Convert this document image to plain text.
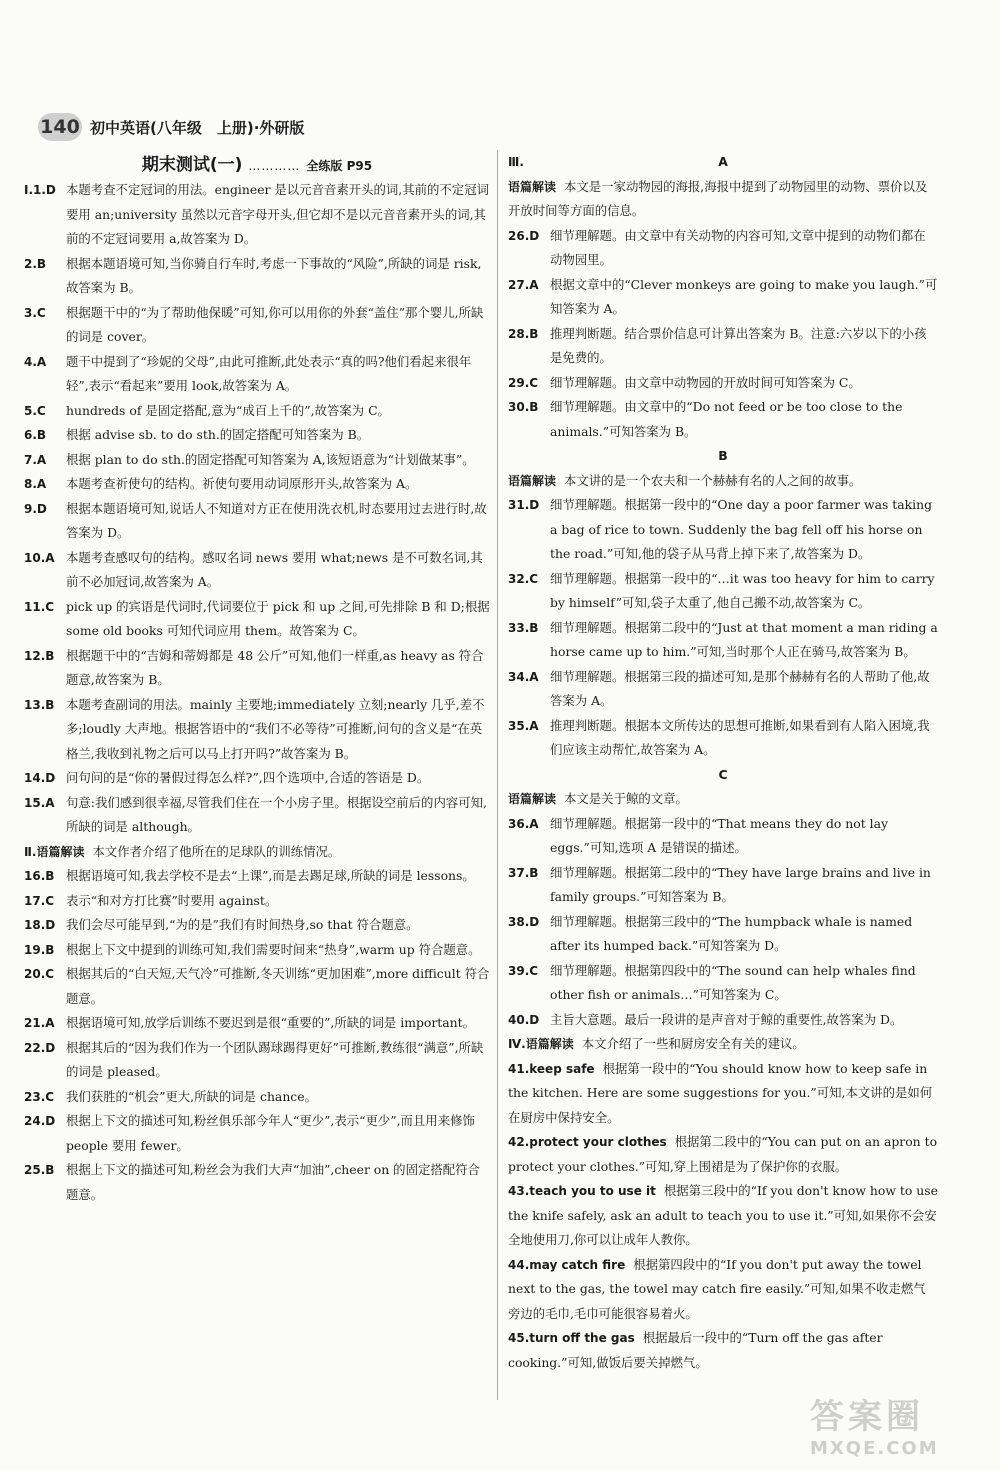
140 初中英语(八年级　上册)·外研版
期末测试(一) ………… 全练版 P95
Ⅰ.1.D 本题考查不定冠词的用法。engineer 是以元音音素开头的词,其前的不定冠词要用 an;university 虽然以元音字母开头,但它却不是以元音音素开头的词,其前的不定冠词要用 a,故答案为 D。
2.B 根据本题语境可知,当你骑自行车时,考虑一下事故的“风险”,所缺的词是 risk,故答案为 B。
3.C 根据题干中的“为了帮助他保暖”可知,你可以用你的外套“盖住”那个婴儿,所缺的词是 cover。
4.A 题干中提到了“珍妮的父母”,由此可推断,此处表示“真的吗?他们看起来很年轻”,表示“看起来”要用 look,故答案为 A。
5.C hundreds of 是固定搭配,意为“成百上千的”,故答案为 C。
6.B 根据 advise sb. to do sth.的固定搭配可知答案为 B。
7.A 根据 plan to do sth.的固定搭配可知答案为 A,该短语意为“计划做某事”。
8.A 本题考查祈使句的结构。祈使句要用动词原形开头,故答案为 A。
9.D 根据本题语境可知,说话人不知道对方正在使用洗衣机,时态要用过去进行时,故答案为 D。
10.A 本题考查感叹句的结构。感叹名词 news 要用 what;news 是不可数名词,其前不必加冠词,故答案为 A。
11.C pick up 的宾语是代词时,代词要位于 pick 和 up 之间,可先排除 B 和 D;根据 some old books 可知代词应用 them。故答案为 C。
12.B 根据题干中的“吉姆和蒂姆都是 48 公斤”可知,他们一样重,as heavy as 符合题意,故答案为 B。
13.B 本题考查副词的用法。mainly 主要地;immediately 立刻;nearly 几乎,差不多;loudly 大声地。根据答语中的“我们不必等待”可推断,问句的含义是“在英格兰,我收到礼物之后可以马上打开吗?”故答案为 B。
14.D 问句问的是“你的暑假过得怎么样?”,四个选项中,合适的答语是 D。
15.A 句意:我们感到很幸福,尽管我们住在一个小房子里。根据设空前后的内容可知,所缺的词是 although。
Ⅱ.语篇解读 本文作者介绍了他所在的足球队的训练情况。
16.B 根据语境可知,我去学校不是去“上课”,而是去踢足球,所缺的词是 lessons。
17.C 表示“和对方打比赛”时要用 against。
18.D 我们会尽可能早到,“为的是”我们有时间热身,so that 符合题意。
19.B 根据上下文中提到的训练可知,我们需要时间来“热身”,warm up 符合题意。
20.C 根据其后的“白天短,天气冷”可推断,冬天训练“更加困难”,more difficult 符合题意。
21.A 根据语境可知,放学后训练不要迟到是很“重要的”,所缺的词是 important。
22.D 根据其后的“因为我们作为一个团队踢球踢得更好”可推断,教练很“满意”,所缺的词是 pleased。
23.C 我们获胜的“机会”更大,所缺的词是 chance。
24.D 根据上下文的描述可知,粉丝俱乐部今年人“更少”,表示“更少”,而且用来修饰 people 要用 fewer。
25.B 根据上下文的描述可知,粉丝会为我们大声“加油”,cheer on 的固定搭配符合题意。
Ⅲ.	A
语篇解读 本文是一家动物园的海报,海报中提到了动物园里的动物、票价以及开放时间等方面的信息。
26.D 细节理解题。由文章中有关动物的内容可知,文章中提到的动物们都在动物园里。
27.A 根据文章中的“Clever monkeys are going to make you laugh.”可知答案为 A。
28.B 推理判断题。结合票价信息可计算出答案为 B。注意:六岁以下的小孩是免费的。
29.C 细节理解题。由文章中动物园的开放时间可知答案为 C。
30.B 细节理解题。由文章中的“Do not feed or be too close to the animals.”可知答案为 B。
B
语篇解读 本文讲的是一个农夫和一个赫赫有名的人之间的故事。
31.D 细节理解题。根据第一段中的“One day a poor farmer was taking a bag of rice to town. Suddenly the bag fell off his horse on the road.”可知,他的袋子从马背上掉下来了,故答案为 D。
32.C 细节理解题。根据第一段中的“…it was too heavy for him to carry by himself”可知,袋子太重了,他自己搬不动,故答案为 C。
33.B 细节理解题。根据第二段中的“Just at that moment a man riding a horse came up to him.”可知,当时那个人正在骑马,故答案为 B。
34.A 细节理解题。根据第三段的描述可知,是那个赫赫有名的人帮助了他,故答案为 A。
35.A 推理判断题。根据本文所传达的思想可推断,如果看到有人陷入困境,我们应该主动帮忙,故答案为 A。
C
语篇解读 本文是关于鲸的文章。
36.A 细节理解题。根据第一段中的“That means they do not lay eggs.”可知,选项 A 是错误的描述。
37.B 细节理解题。根据第二段中的“They have large brains and live in family groups.”可知答案为 B。
38.D 细节理解题。根据第三段中的“The humpback whale is named after its humped back.”可知答案为 D。
39.C 细节理解题。根据第四段中的“The sound can help whales find other fish or animals…”可知答案为 C。
40.D 主旨大意题。最后一段讲的是声音对于鲸的重要性,故答案为 D。
Ⅳ.语篇解读 本文介绍了一些和厨房安全有关的建议。
41.keep safe 根据第一段中的“You should know how to keep safe in the kitchen. Here are some suggestions for you.”可知,本文讲的是如何在厨房中保持安全。
42.protect your clothes 根据第二段中的“You can put on an apron to protect your clothes.”可知,穿上围裙是为了保护你的衣服。
43.teach you to use it 根据第三段中的“If you don't know how to use the knife safely, ask an adult to teach you to use it.”可知,如果你不会安全地使用刀,你可以让成年人教你。
44.may catch fire 根据第四段中的“If you don't put away the towel next to the gas, the towel may catch fire easily.”可知,如果不收走燃气旁边的毛巾,毛巾可能很容易着火。
45.turn off the gas 根据最后一段中的“Turn off the gas after cooking.”可知,做饭后要关掉燃气。
答案圈
MXQE.COM
